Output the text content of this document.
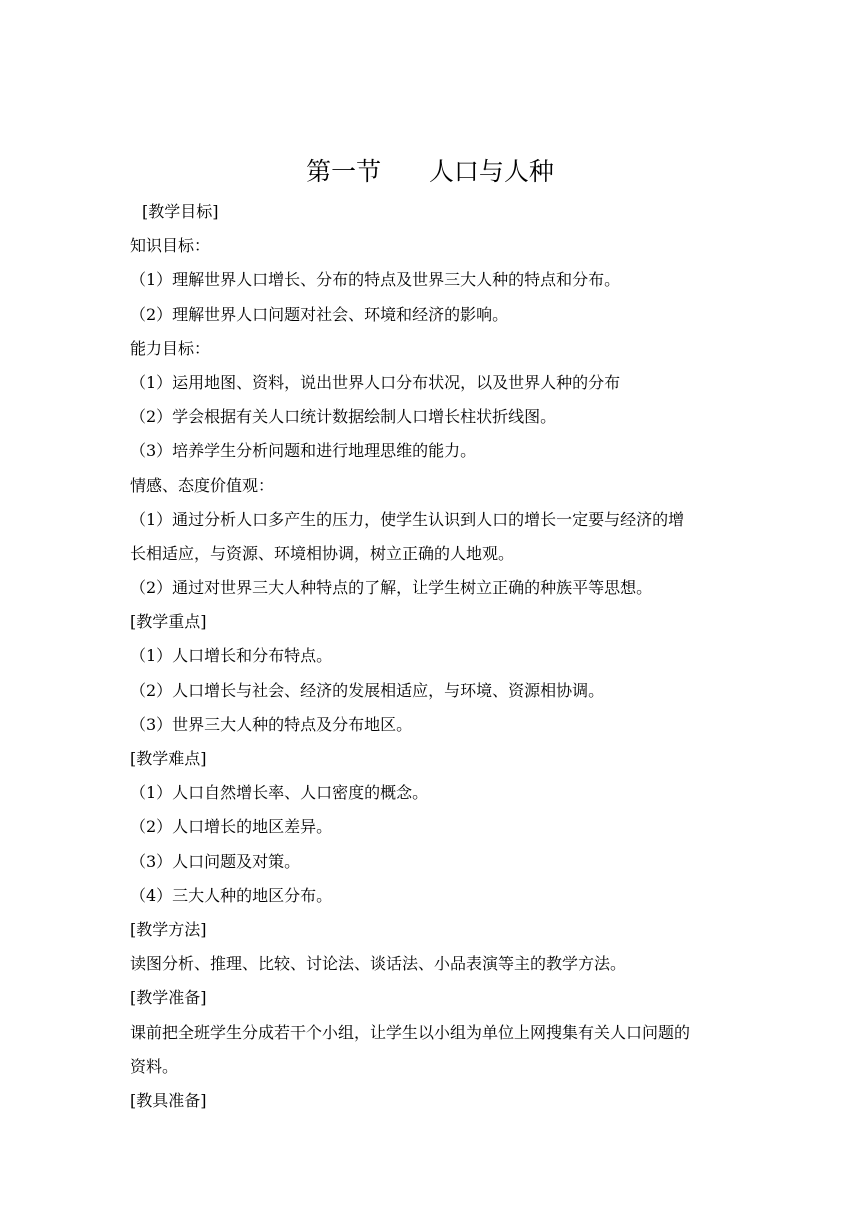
第一节      人口与人种
[教学目标]
知识目标：
（1）理解世界人口增长、分布的特点及世界三大人种的特点和分布。
（2）理解世界人口问题对社会、环境和经济的影响。
能力目标：
（1）运用地图、资料，说出世界人口分布状况，以及世界人种的分布
（2）学会根据有关人口统计数据绘制人口增长柱状折线图。
（3）培养学生分析问题和进行地理思维的能力。
情感、态度价值观：
（1）通过分析人口多产生的压力，使学生认识到人口的增长一定要与经济的增
长相适应，与资源、环境相协调，树立正确的人地观。
（2）通过对世界三大人种特点的了解，让学生树立正确的种族平等思想。
[教学重点]
（1）人口增长和分布特点。
（2）人口增长与社会、经济的发展相适应，与环境、资源相协调。
（3）世界三大人种的特点及分布地区。
[教学难点]
（1）人口自然增长率、人口密度的概念。
（2）人口增长的地区差异。
（3）人口问题及对策。
（4）三大人种的地区分布。
[教学方法]
读图分析、推理、比较、讨论法、谈话法、小品表演等主的教学方法。
[教学准备]
课前把全班学生分成若干个小组，让学生以小组为单位上网搜集有关人口问题的
资料。
[教具准备]
